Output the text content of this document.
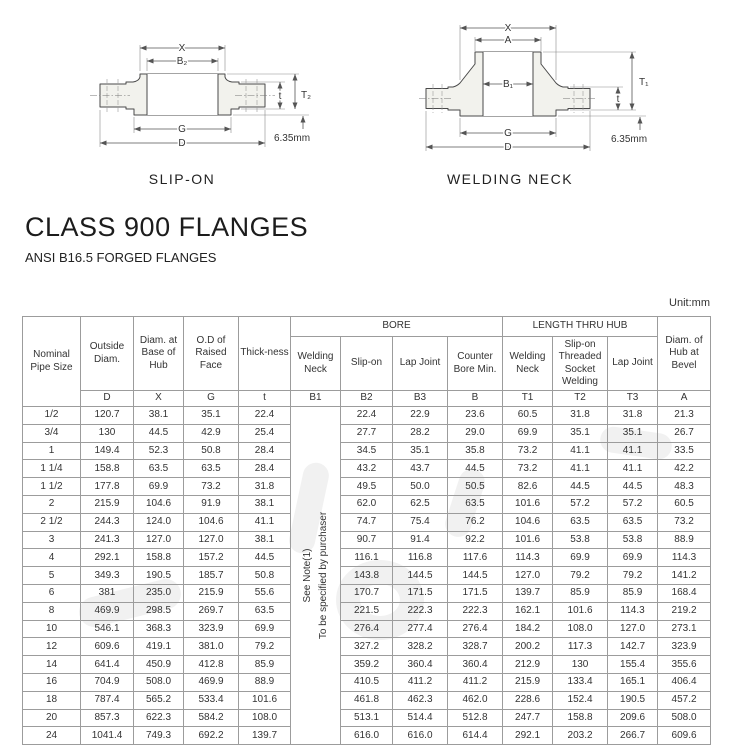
X
B₂
G
D
t T₂
6.35mm
SLIP-ON
X
A
B₁
G
D
t
T₁
6.35mm
WELDING NECK
CLASS 900 FLANGES

ANSI B16.5 FORGED FLANGES

Unit:mm
Nominal Pipe Size	Outside Diam.	Diam. at Base of Hub	O.D of Raised Face	Thick-ness	BORE				LENGTH THRU HUB			Diam. of Hub at Bevel
					Welding Neck	Slip-on	Lap Joint	Counter Bore Min.	Welding Neck	Slip-on Threaded Socket Welding	Lap Joint	
	D	X	G	t	B1	B2	B3	B	T1	T2	T3	A
1/2	120.7	38.1	35.1	22.4	See Note(1) To be specified by purchaser	22.4	22.9	23.6	60.5	31.8	31.8	21.3
3/4	130	44.5	42.9	25.4		27.7	28.2	29.0	69.9	35.1	35.1	26.7
1	149.4	52.3	50.8	28.4		34.5	35.1	35.8	73.2	41.1	41.1	33.5
1 1/4	158.8	63.5	63.5	28.4		43.2	43.7	44.5	73.2	41.1	41.1	42.2
1 1/2	177.8	69.9	73.2	31.8		49.5	50.0	50.5	82.6	44.5	44.5	48.3
2	215.9	104.6	91.9	38.1		62.0	62.5	63.5	101.6	57.2	57.2	60.5
2 1/2	244.3	124.0	104.6	41.1		74.7	75.4	76.2	104.6	63.5	63.5	73.2
3	241.3	127.0	127.0	38.1		90.7	91.4	92.2	101.6	53.8	53.8	88.9
4	292.1	158.8	157.2	44.5		116.1	116.8	117.6	114.3	69.9	69.9	114.3
5	349.3	190.5	185.7	50.8		143.8	144.5	144.5	127.0	79.2	79.2	141.2
6	381	235.0	215.9	55.6		170.7	171.5	171.5	139.7	85.9	85.9	168.4
8	469.9	298.5	269.7	63.5		221.5	222.3	222.3	162.1	101.6	114.3	219.2
10	546.1	368.3	323.9	69.9		276.4	277.4	276.4	184.2	108.0	127.0	273.1
12	609.6	419.1	381.0	79.2		327.2	328.2	328.7	200.2	117.3	142.7	323.9
14	641.4	450.9	412.8	85.9		359.2	360.4	360.4	212.9	130	155.4	355.6
16	704.9	508.0	469.9	88.9		410.5	411.2	411.2	215.9	133.4	165.1	406.4
18	787.4	565.2	533.4	101.6		461.8	462.3	462.0	228.6	152.4	190.5	457.2
20	857.3	622.3	584.2	108.0		513.1	514.4	512.8	247.7	158.8	209.6	508.0
24	1041.4	749.3	692.2	139.7		616.0	616.0	614.4	292.1	203.2	266.7	609.6
